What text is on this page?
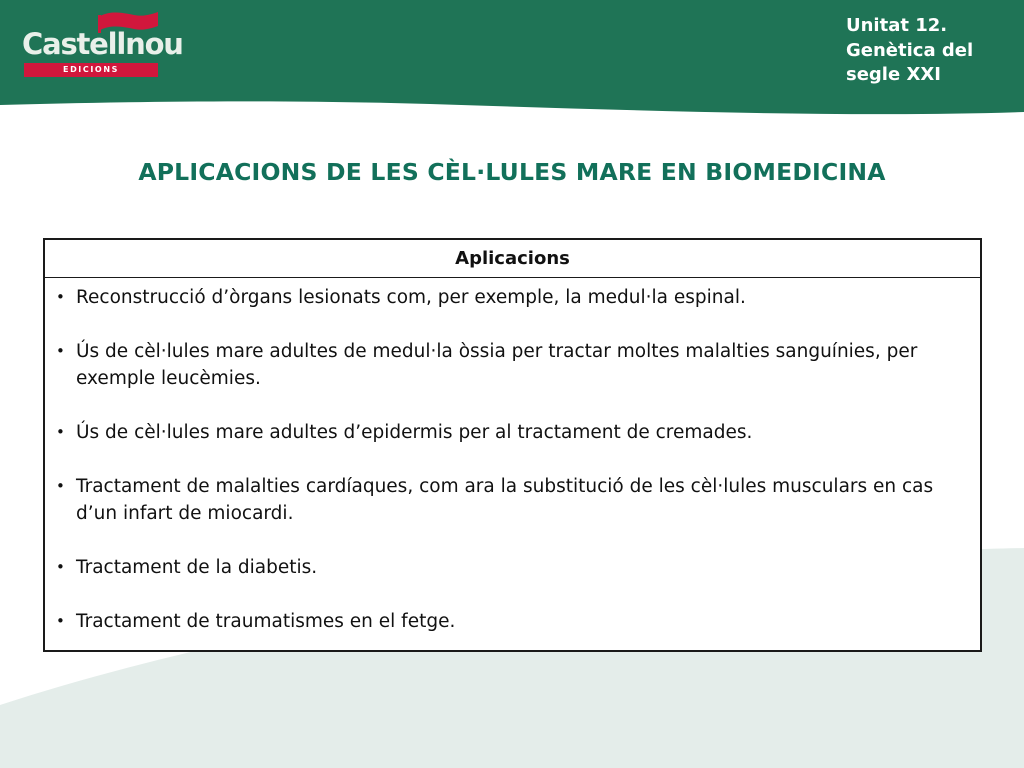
Castellnou
EDICIONS
Unitat 12.
Genètica del
segle XXI
APLICACIONS DE LES CÈL·LULES MARE EN BIOMEDICINA
Aplicacions
• Reconstrucció d’òrgans lesionats com, per exemple, la medul·la espinal.
• Ús de cèl·lules mare adultes de medul·la òssia per tractar moltes malalties sanguínies, per exemple leucèmies.
• Ús de cèl·lules mare adultes d’epidermis per al tractament de cremades.
• Tractament de malalties cardíaques, com ara la substitució de les cèl·lules musculars en cas d’un infart de miocardi.
• Tractament de la diabetis.
• Tractament de traumatismes en el fetge.
